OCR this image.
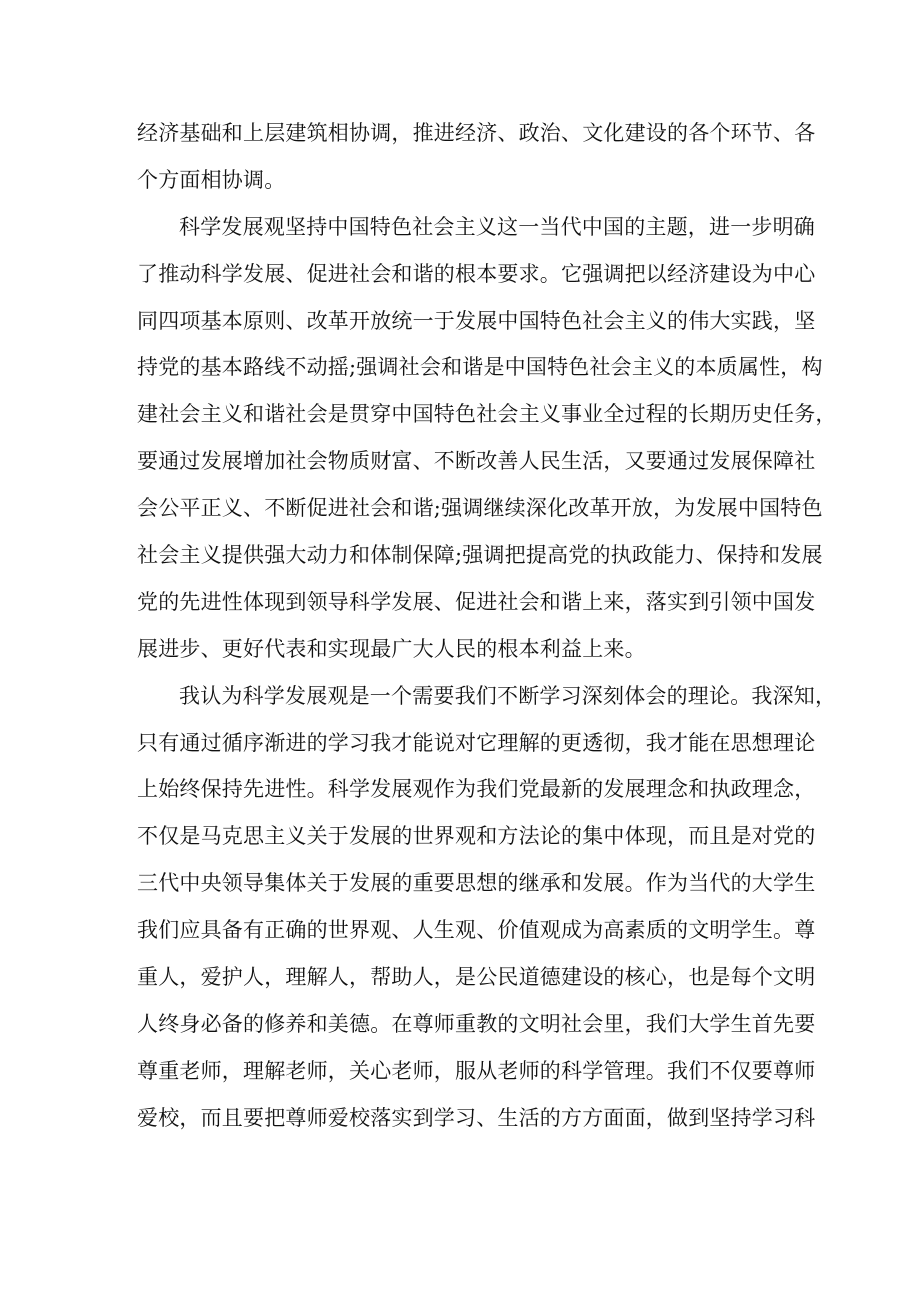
经济基础和上层建筑相协调，推进经济、政治、文化建设的各个环节、各
个方面相协调。
科学发展观坚持中国特色社会主义这一当代中国的主题，进一步明确
了推动科学发展、促进社会和谐的根本要求。它强调把以经济建设为中心
同四项基本原则、改革开放统一于发展中国特色社会主义的伟大实践，坚
持党的基本路线不动摇;强调社会和谐是中国特色社会主义的本质属性，构
建社会主义和谐社会是贯穿中国特色社会主义事业全过程的长期历史任务，
要通过发展增加社会物质财富、不断改善人民生活，又要通过发展保障社
会公平正义、不断促进社会和谐;强调继续深化改革开放，为发展中国特色
社会主义提供强大动力和体制保障;强调把提高党的执政能力、保持和发展
党的先进性体现到领导科学发展、促进社会和谐上来，落实到引领中国发
展进步、更好代表和实现最广大人民的根本利益上来。
我认为科学发展观是一个需要我们不断学习深刻体会的理论。我深知，
只有通过循序渐进的学习我才能说对它理解的更透彻，我才能在思想理论
上始终保持先进性。科学发展观作为我们党最新的发展理念和执政理念，
不仅是马克思主义关于发展的世界观和方法论的集中体现，而且是对党的
三代中央领导集体关于发展的重要思想的继承和发展。作为当代的大学生
我们应具备有正确的世界观、人生观、价值观成为高素质的文明学生。尊
重人，爱护人，理解人，帮助人，是公民道德建设的核心，也是每个文明
人终身必备的修养和美德。在尊师重教的文明社会里，我们大学生首先要
尊重老师，理解老师，关心老师，服从老师的科学管理。我们不仅要尊师
爱校，而且要把尊师爱校落实到学习、生活的方方面面，做到坚持学习科
